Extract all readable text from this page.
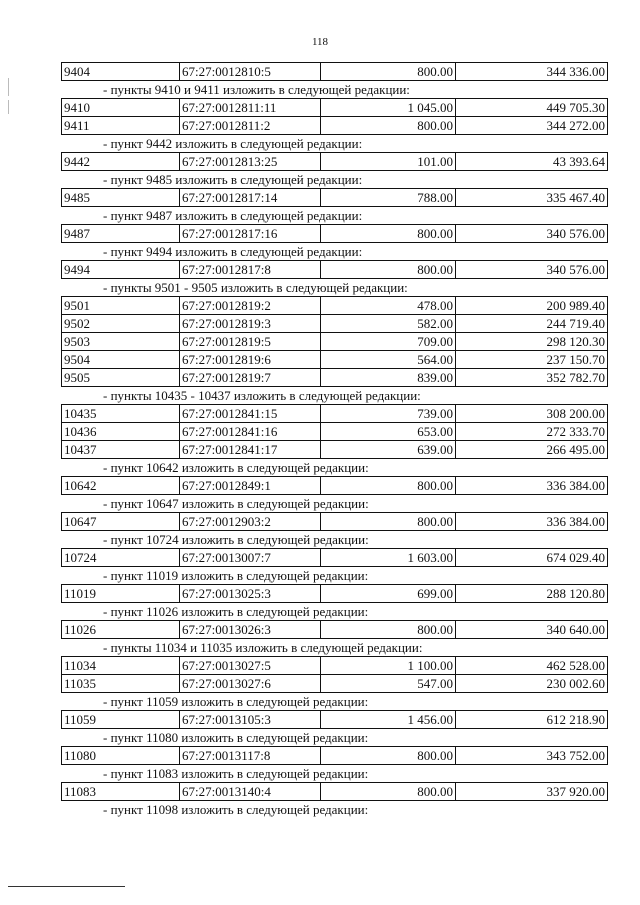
118
9404	67:27:0012810:5	800.00	344 336.00
- пункты 9410 и 9411 изложить в следующей редакции:
9410	67:27:0012811:11	1 045.00	449 705.30
9411	67:27:0012811:2	800.00	344 272.00
- пункт 9442 изложить в следующей редакции:
9442	67:27:0012813:25	101.00	43 393.64
- пункт 9485 изложить в следующей редакции:
9485	67:27:0012817:14	788.00	335 467.40
- пункт 9487 изложить в следующей редакции:
9487	67:27:0012817:16	800.00	340 576.00
- пункт 9494 изложить в следующей редакции:
9494	67:27:0012817:8	800.00	340 576.00
- пункты 9501 - 9505 изложить в следующей редакции:
9501	67:27:0012819:2	478.00	200 989.40
9502	67:27:0012819:3	582.00	244 719.40
9503	67:27:0012819:5	709.00	298 120.30
9504	67:27:0012819:6	564.00	237 150.70
9505	67:27:0012819:7	839.00	352 782.70
- пункты 10435 - 10437 изложить в следующей редакции:
10435	67:27:0012841:15	739.00	308 200.00
10436	67:27:0012841:16	653.00	272 333.70
10437	67:27:0012841:17	639.00	266 495.00
- пункт 10642 изложить в следующей редакции:
10642	67:27:0012849:1	800.00	336 384.00
- пункт 10647 изложить в следующей редакции:
10647	67:27:0012903:2	800.00	336 384.00
- пункт 10724 изложить в следующей редакции:
10724	67:27:0013007:7	1 603.00	674 029.40
- пункт 11019 изложить в следующей редакции:
11019	67:27:0013025:3	699.00	288 120.80
- пункт 11026 изложить в следующей редакции:
11026	67:27:0013026:3	800.00	340 640.00
- пункты 11034 и 11035 изложить в следующей редакции:
11034	67:27:0013027:5	1 100.00	462 528.00
11035	67:27:0013027:6	547.00	230 002.60
- пункт 11059 изложить в следующей редакции:
11059	67:27:0013105:3	1 456.00	612 218.90
- пункт 11080 изложить в следующей редакции:
11080	67:27:0013117:8	800.00	343 752.00
- пункт 11083 изложить в следующей редакции:
11083	67:27:0013140:4	800.00	337 920.00
- пункт 11098 изложить в следующей редакции:
